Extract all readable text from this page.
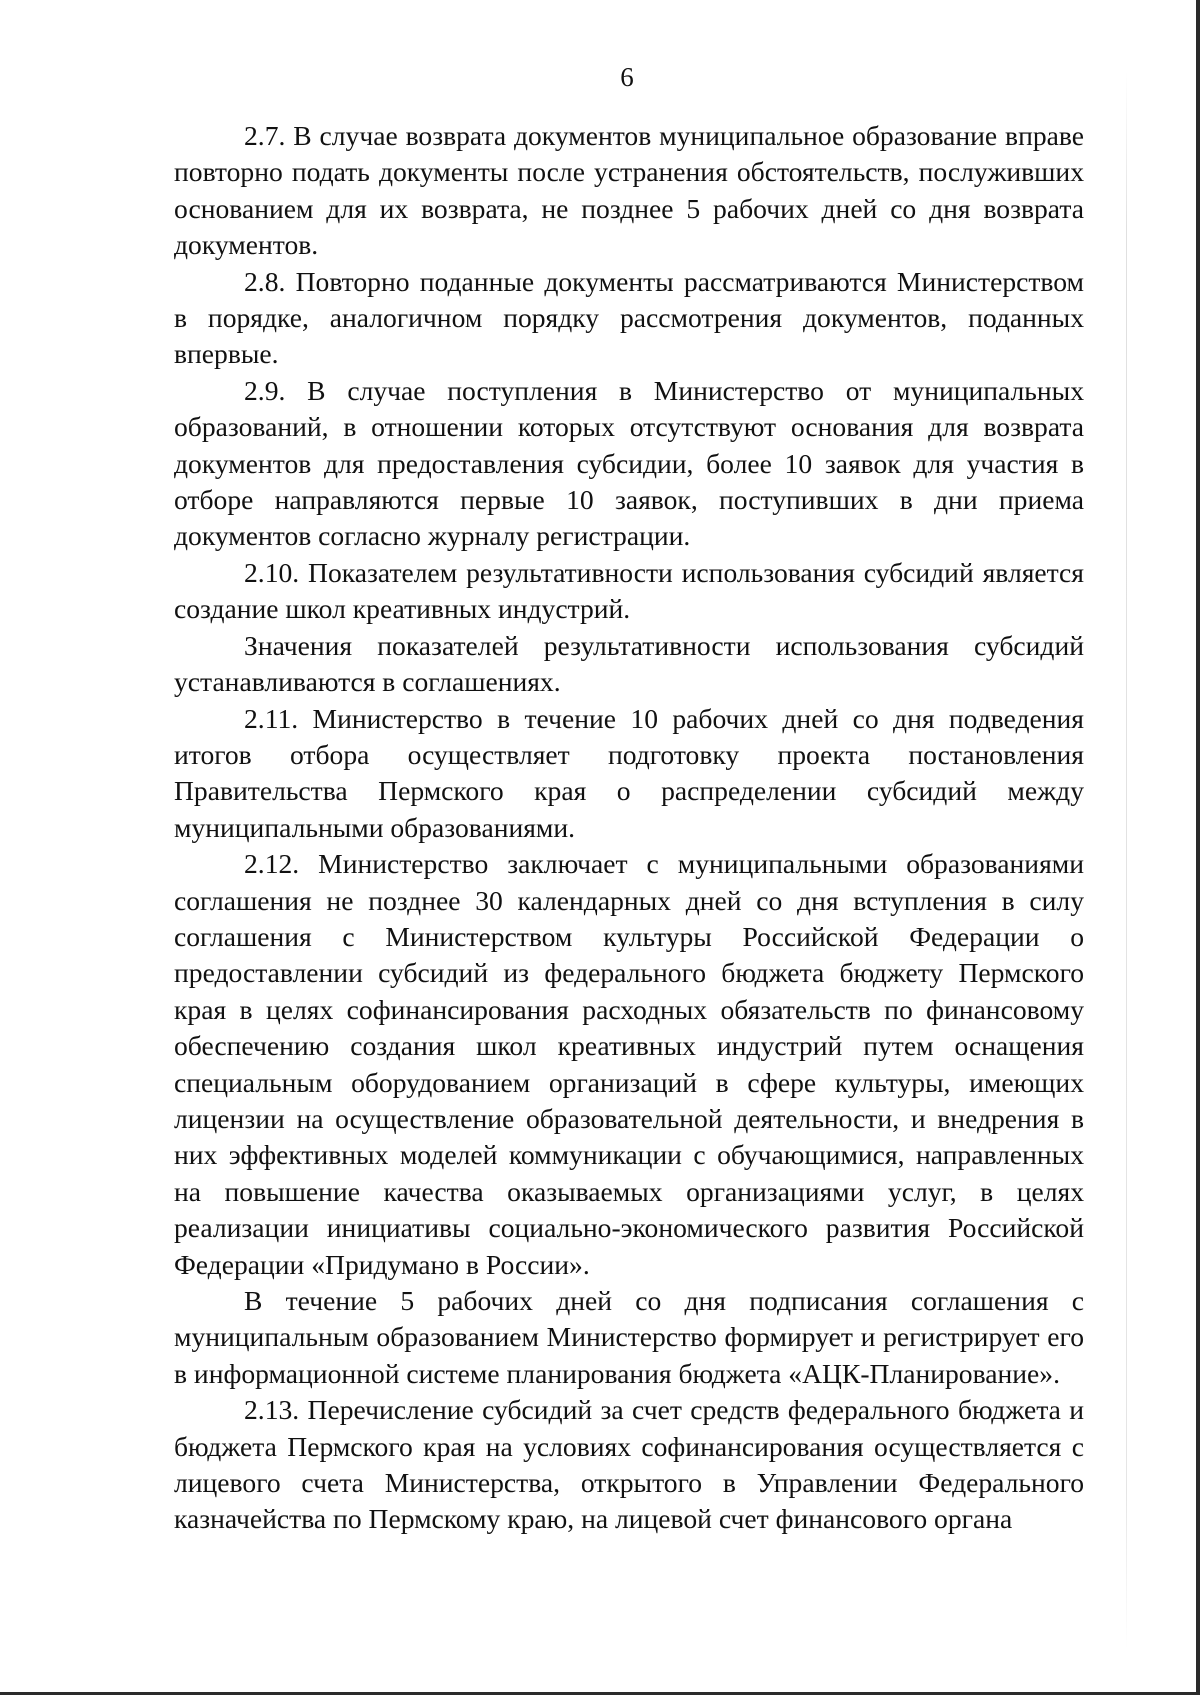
6

2.7. В случае возврата документов муниципальное образование вправе повторно подать документы после устранения обстоятельств, послуживших основанием для их возврата, не позднее 5 рабочих дней со дня возврата документов.

2.8. Повторно поданные документы рассматриваются Министерством в порядке, аналогичном порядку рассмотрения документов, поданных впервые.

2.9. В случае поступления в Министерство от муниципальных образований, в отношении которых отсутствуют основания для возврата документов для предоставления субсидии, более 10 заявок для участия в отборе направляются первые 10 заявок, поступивших в дни приема документов согласно журналу регистрации.

2.10. Показателем результативности использования субсидий является создание школ креативных индустрий.

Значения показателей результативности использования субсидий устанавливаются в соглашениях.

2.11. Министерство в течение 10 рабочих дней со дня подведения итогов отбора осуществляет подготовку проекта постановления Правительства Пермского края о распределении субсидий между муниципальными образованиями.

2.12. Министерство заключает с муниципальными образованиями соглашения не позднее 30 календарных дней со дня вступления в силу соглашения с Министерством культуры Российской Федерации о предоставлении субсидий из федерального бюджета бюджету Пермского края в целях софинансирования расходных обязательств по финансовому обеспечению создания школ креативных индустрий путем оснащения специальным оборудованием организаций в сфере культуры, имеющих лицензии на осуществление образовательной деятельности, и внедрения в них эффективных моделей коммуникации с обучающимися, направленных на повышение качества оказываемых организациями услуг, в целях реализации инициативы социально-экономического развития Российской Федерации «Придумано в России».

В течение 5 рабочих дней со дня подписания соглашения с муниципальным образованием Министерство формирует и регистрирует его в информационной системе планирования бюджета «АЦК-Планирование».

2.13. Перечисление субсидий за счет средств федерального бюджета и бюджета Пермского края на условиях софинансирования осуществляется с лицевого счета Министерства, открытого в Управлении Федерального казначейства по Пермскому краю, на лицевой счет финансового органа
